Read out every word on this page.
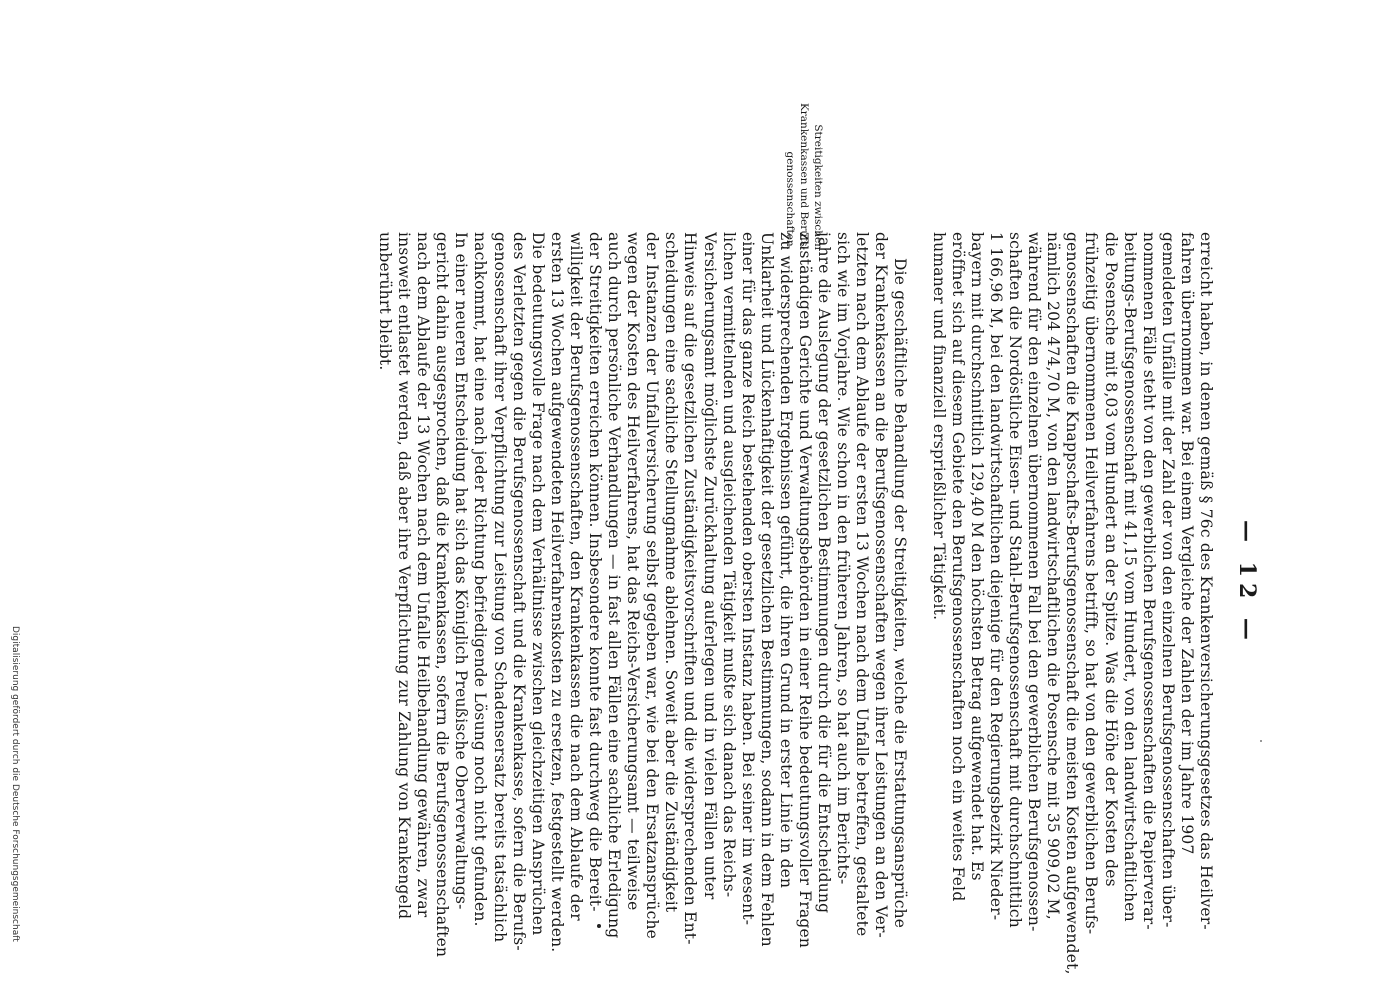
— 12 —
Streitigkeiten zwischen
Krankenkassen und Berufs-
genossenschaften.
erreicht haben, in denen gemäß § 76c des Krankenversicherungsgesetzes das Heilver-
fahren übernommen war. Bei einem Vergleiche der Zahlen der im Jahre 1907
gemeldeten Unfälle mit der Zahl der von den einzelnen Berufsgenossenschaften über-
nommenen Fälle steht von den gewerblichen Berufsgenossenschaften die Papierverar-
beitungs-Berufsgenossenschaft mit 41,15 vom Hundert, von den landwirtschaftlichen
die Posensche mit 8,03 vom Hundert an der Spitze. Was die Höhe der Kosten des
frühzeitig übernommenen Heilverfahrens betrifft, so hat von den gewerblichen Berufs-
genossenschaften die Knappschafts-Berufsgenossenschaft die meisten Kosten aufgewendet,
nämlich 204 474,70 M, von den landwirtschaftlichen die Posensche mit 35 909,02 M,
während für den einzelnen übernommenen Fall bei den gewerblichen Berufsgenossen-
schaften die Nordöstliche Eisen- und Stahl-Berufsgenossenschaft mit durchschnittlich
1 166,96 M, bei den landwirtschaftlichen diejenige für den Regierungsbezirk Nieder-
bayern mit durchschnittlich 129,40 M den höchsten Betrag aufgewendet hat. Es
eröffnet sich auf diesem Gebiete den Berufsgenossenschaften noch ein weites Feld
humaner und finanziell ersprießlicher Tätigkeit.
Die geschäftliche Behandlung der Streitigkeiten, welche die Erstattungsansprüche
der Krankenkassen an die Berufsgenossenschaften wegen ihrer Leistungen an den Ver-
letzten nach dem Ablaufe der ersten 13 Wochen nach dem Unfalle betreffen, gestaltete
sich wie im Vorjahre. Wie schon in den früheren Jahren, so hat auch im Berichts-
jahre die Auslegung der gesetzlichen Bestimmungen durch die für die Entscheidung
zuständigen Gerichte und Verwaltungsbehörden in einer Reihe bedeutungsvoller Fragen
zu widersprechenden Ergebnissen geführt, die ihren Grund in erster Linie in den
Unklarheit und Lückenhaftigkeit der gesetzlichen Bestimmungen, sodann in dem Fehlen
einer für das ganze Reich bestehenden obersten Instanz haben. Bei seiner im wesent-
lichen vermittelnden und ausgleichenden Tätigkeit mußte sich danach das Reichs-
Versicherungsamt möglichste Zurückhaltung auferlegen und in vielen Fällen unter
Hinweis auf die gesetzlichen Zuständigkeitsvorschriften und die widersprechenden Ent-
scheidungen eine sachliche Stellungnahme ablehnen. Soweit aber die Zuständigkeit
der Instanzen der Unfallversicherung selbst gegeben war, wie bei den Ersatzansprüche
wegen der Kosten des Heilverfahrens, hat das Reichs-Versicherungsamt — teilweise
auch durch persönliche Verhandlungen — in fast allen Fällen eine sachliche Erledigung
der Streitigkeiten erreichen können. Insbesondere konnte fast durchweg die Bereit-
willigkeit der Berufsgenossenschaften, den Krankenkassen die nach dem Ablaufe der
ersten 13 Wochen aufgewendeten Heilverfahrenskosten zu ersetzen, festgestellt werden.
Die bedeutungsvolle Frage nach dem Verhältnisse zwischen gleichzeitigen Ansprüchen
des Verletzten gegen die Berufsgenossenschaft und die Krankenkasse, sofern die Berufs-
genossenschaft ihrer Verpflichtung zur Leistung von Schadensersatz bereits tatsächlich
nachkommt, hat eine nach jeder Richtung befriedigende Lösung noch nicht gefunden.
In einer neueren Entscheidung hat sich das Königlich Preußische Oberverwaltungs-
gericht dahin ausgesprochen, daß die Krankenkassen, sofern die Berufsgenossenschaften
nach dem Ablaufe der 13 Wochen nach dem Unfalle Heilbehandlung gewähren, zwar
insoweit entlastet werden, daß aber ihre Verpflichtung zur Zahlung von Krankengeld
unberührt bleibt.
Digitalisierung gefördert durch die Deutsche Forschungsgemeinschaft
